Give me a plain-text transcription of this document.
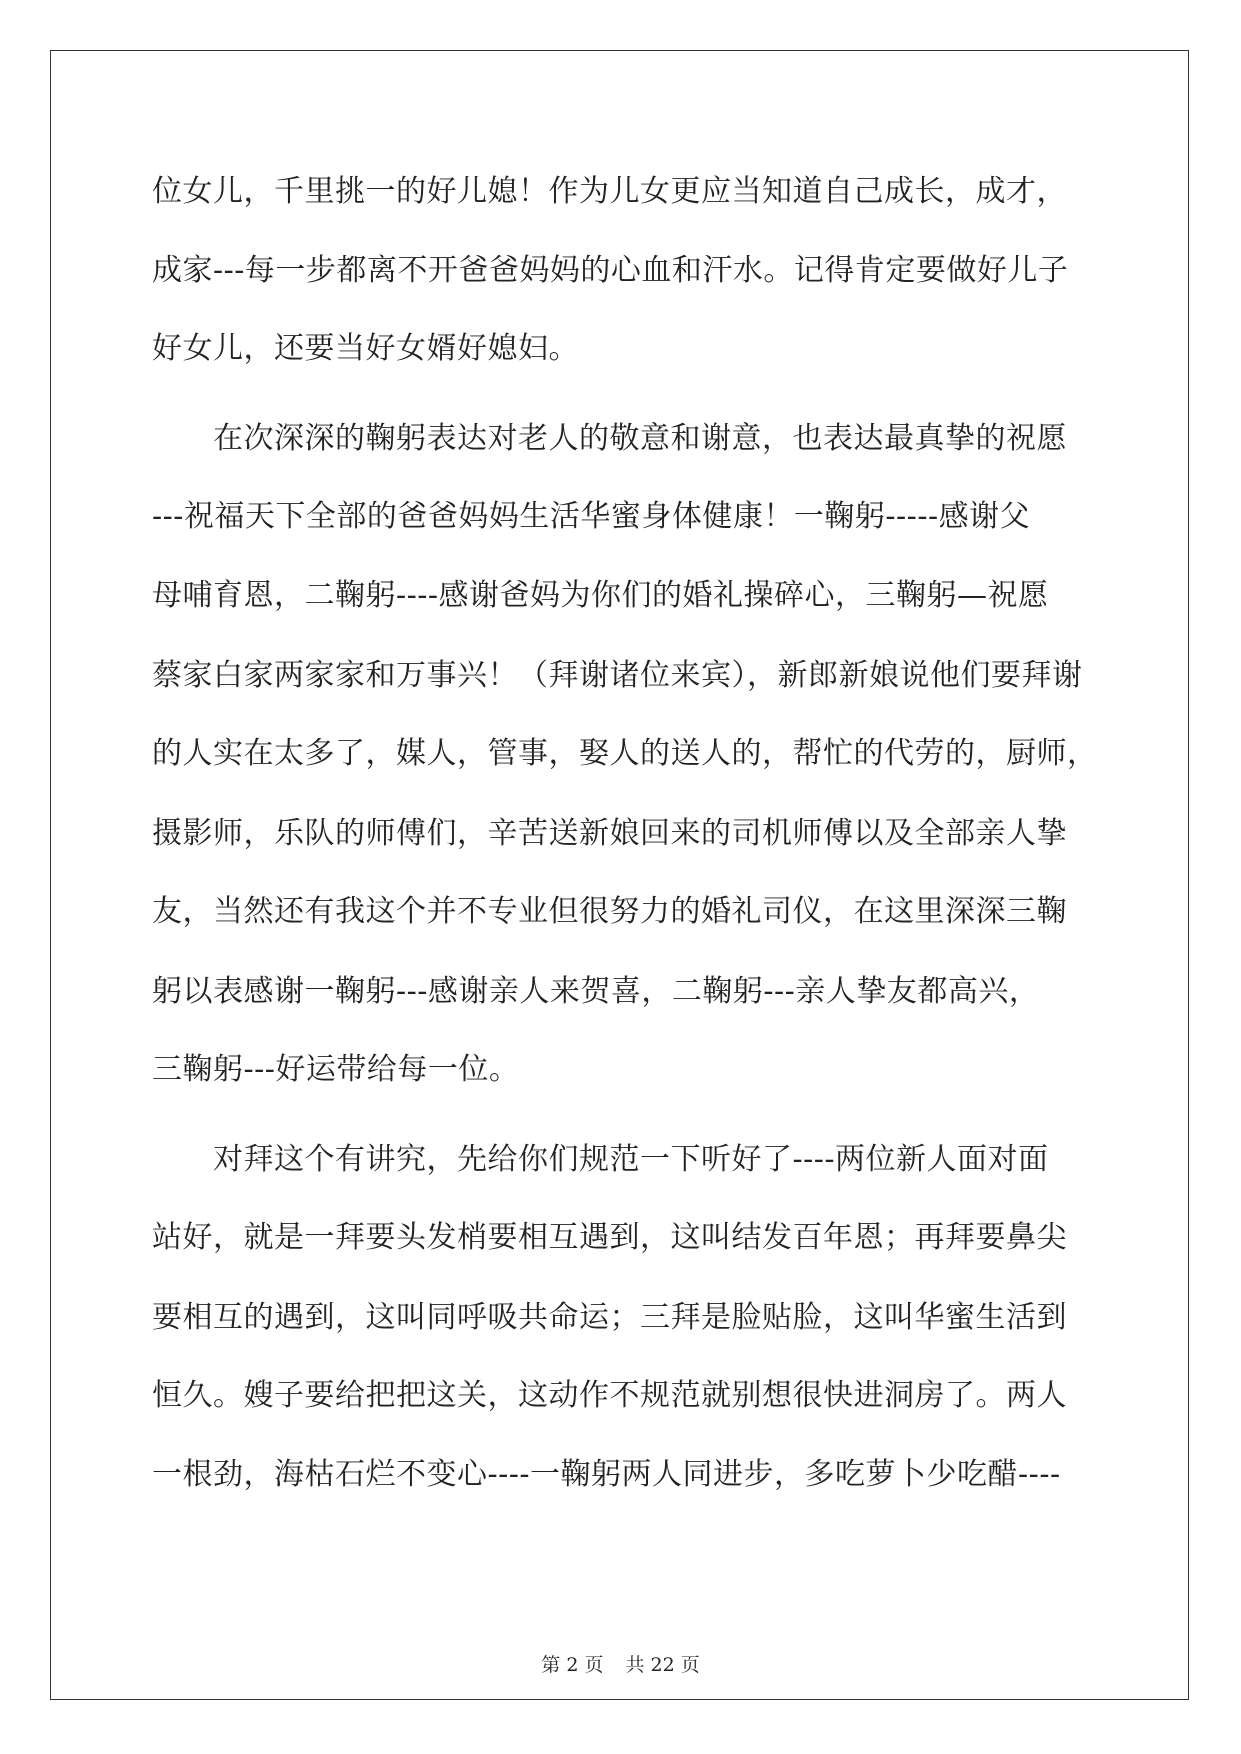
位女儿，千里挑一的好儿媳！作为儿女更应当知道自己成长，成才，
成家---每一步都离不开爸爸妈妈的心血和汗水。记得肯定要做好儿子
好女儿，还要当好女婿好媳妇。
在次深深的鞠躬表达对老人的敬意和谢意，也表达最真挚的祝愿
---祝福天下全部的爸爸妈妈生活华蜜身体健康！一鞠躬-----感谢父
母哺育恩，二鞠躬----感谢爸妈为你们的婚礼操碎心，三鞠躬—祝愿
蔡家白家两家家和万事兴！（拜谢诸位来宾），新郎新娘说他们要拜谢
的人实在太多了，媒人，管事，娶人的送人的，帮忙的代劳的，厨师，
摄影师，乐队的师傅们，辛苦送新娘回来的司机师傅以及全部亲人挚
友，当然还有我这个并不专业但很努力的婚礼司仪，在这里深深三鞠
躬以表感谢一鞠躬---感谢亲人来贺喜，二鞠躬---亲人挚友都高兴，
三鞠躬---好运带给每一位。
对拜这个有讲究，先给你们规范一下听好了----两位新人面对面
站好，就是一拜要头发梢要相互遇到，这叫结发百年恩；再拜要鼻尖
要相互的遇到，这叫同呼吸共命运；三拜是脸贴脸，这叫华蜜生活到
恒久。嫂子要给把把这关，这动作不规范就别想很快进洞房了。两人
一根劲，海枯石烂不变心----一鞠躬两人同进步，多吃萝卜少吃醋----
第 2 页 共 22 页
